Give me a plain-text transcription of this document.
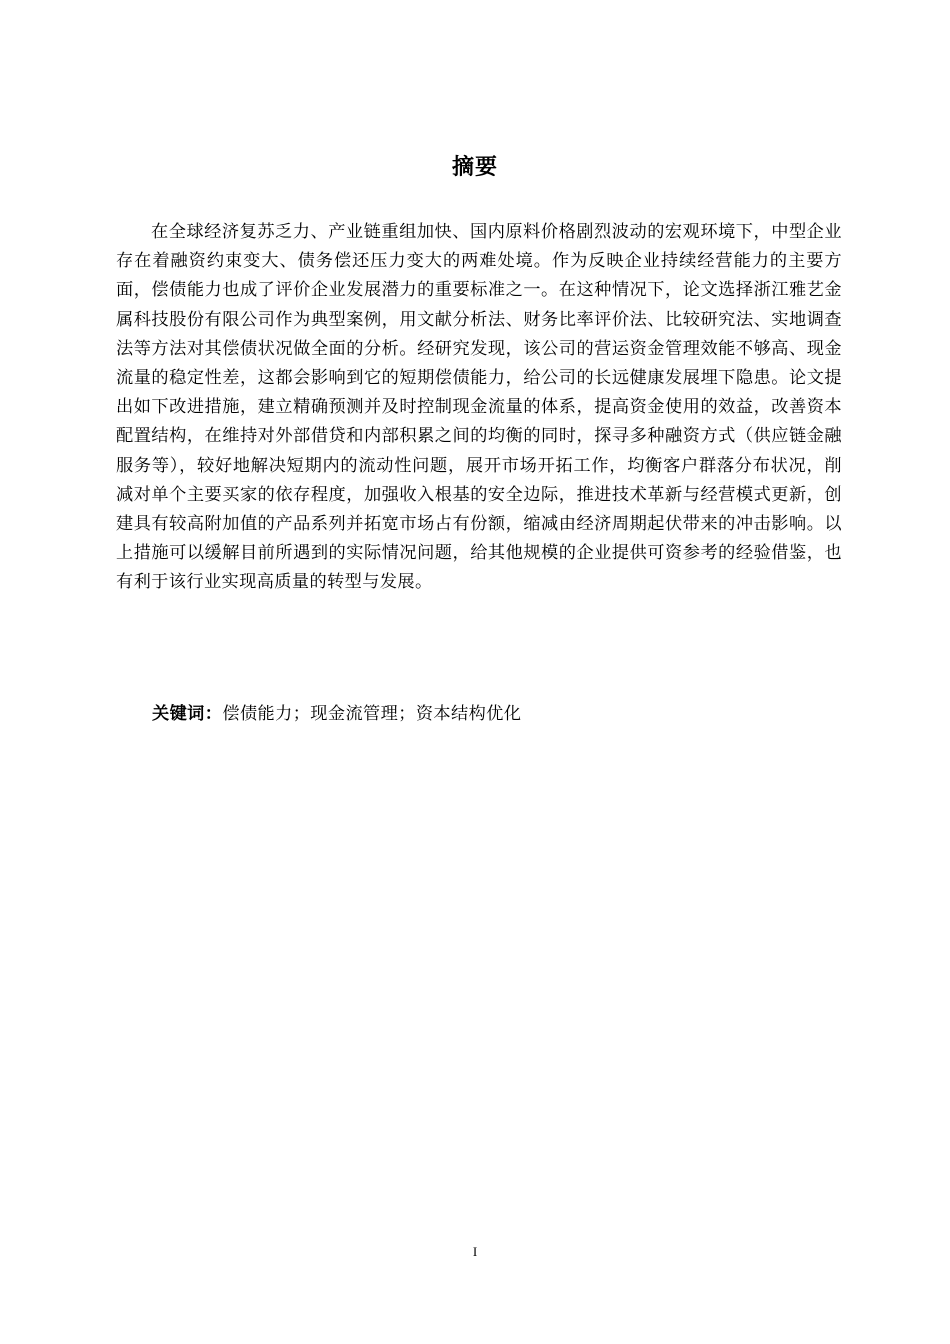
摘要

在全球经济复苏乏力、产业链重组加快、国内原料价格剧烈波动的宏观环境下，中型企业存在着融资约束变大、债务偿还压力变大的两难处境。作为反映企业持续经营能力的主要方面，偿债能力也成了评价企业发展潜力的重要标准之一。在这种情况下，论文选择浙江雅艺金属科技股份有限公司作为典型案例，用文献分析法、财务比率评价法、比较研究法、实地调查法等方法对其偿债状况做全面的分析。经研究发现，该公司的营运资金管理效能不够高、现金流量的稳定性差，这都会影响到它的短期偿债能力，给公司的长远健康发展埋下隐患。论文提出如下改进措施，建立精确预测并及时控制现金流量的体系，提高资金使用的效益，改善资本配置结构，在维持对外部借贷和内部积累之间的均衡的同时，探寻多种融资方式（供应链金融服务等），较好地解决短期内的流动性问题，展开市场开拓工作，均衡客户群落分布状况，削减对单个主要买家的依存程度，加强收入根基的安全边际，推进技术革新与经营模式更新，创建具有较高附加值的产品系列并拓宽市场占有份额，缩减由经济周期起伏带来的冲击影响。以上措施可以缓解目前所遇到的实际情况问题，给其他规模的企业提供可资参考的经验借鉴，也有利于该行业实现高质量的转型与发展。

关键词：偿债能力；现金流管理；资本结构优化
I
